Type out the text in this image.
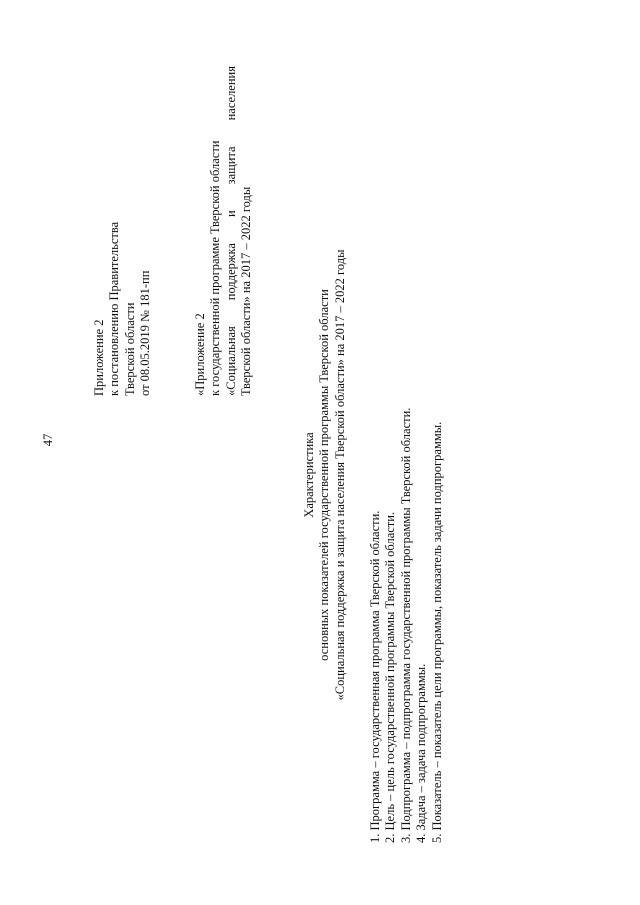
47

Приложение 2 к постановлению Правительства Тверской области от 08.05.2019 № 181-пп	«Приложение 2 к государственной программе Тверской области «Социальная поддержка и защита населения Тверской области» на 2017 – 2022 годы

Характеристика основных показателей государственной программы Тверской области «Социальная поддержка и защита населения Тверской области» на 2017 – 2022 годы 1. Программа – государственная программа Тверской области. 2. Цель – цель государственной программы Тверской области. 3. Подпрограмма – подпрограмма государственной программы Тверской области. 4. Задача – задача подпрограммы. 5. Показатель – показатель цели программы, показатель задачи подпрограммы.
